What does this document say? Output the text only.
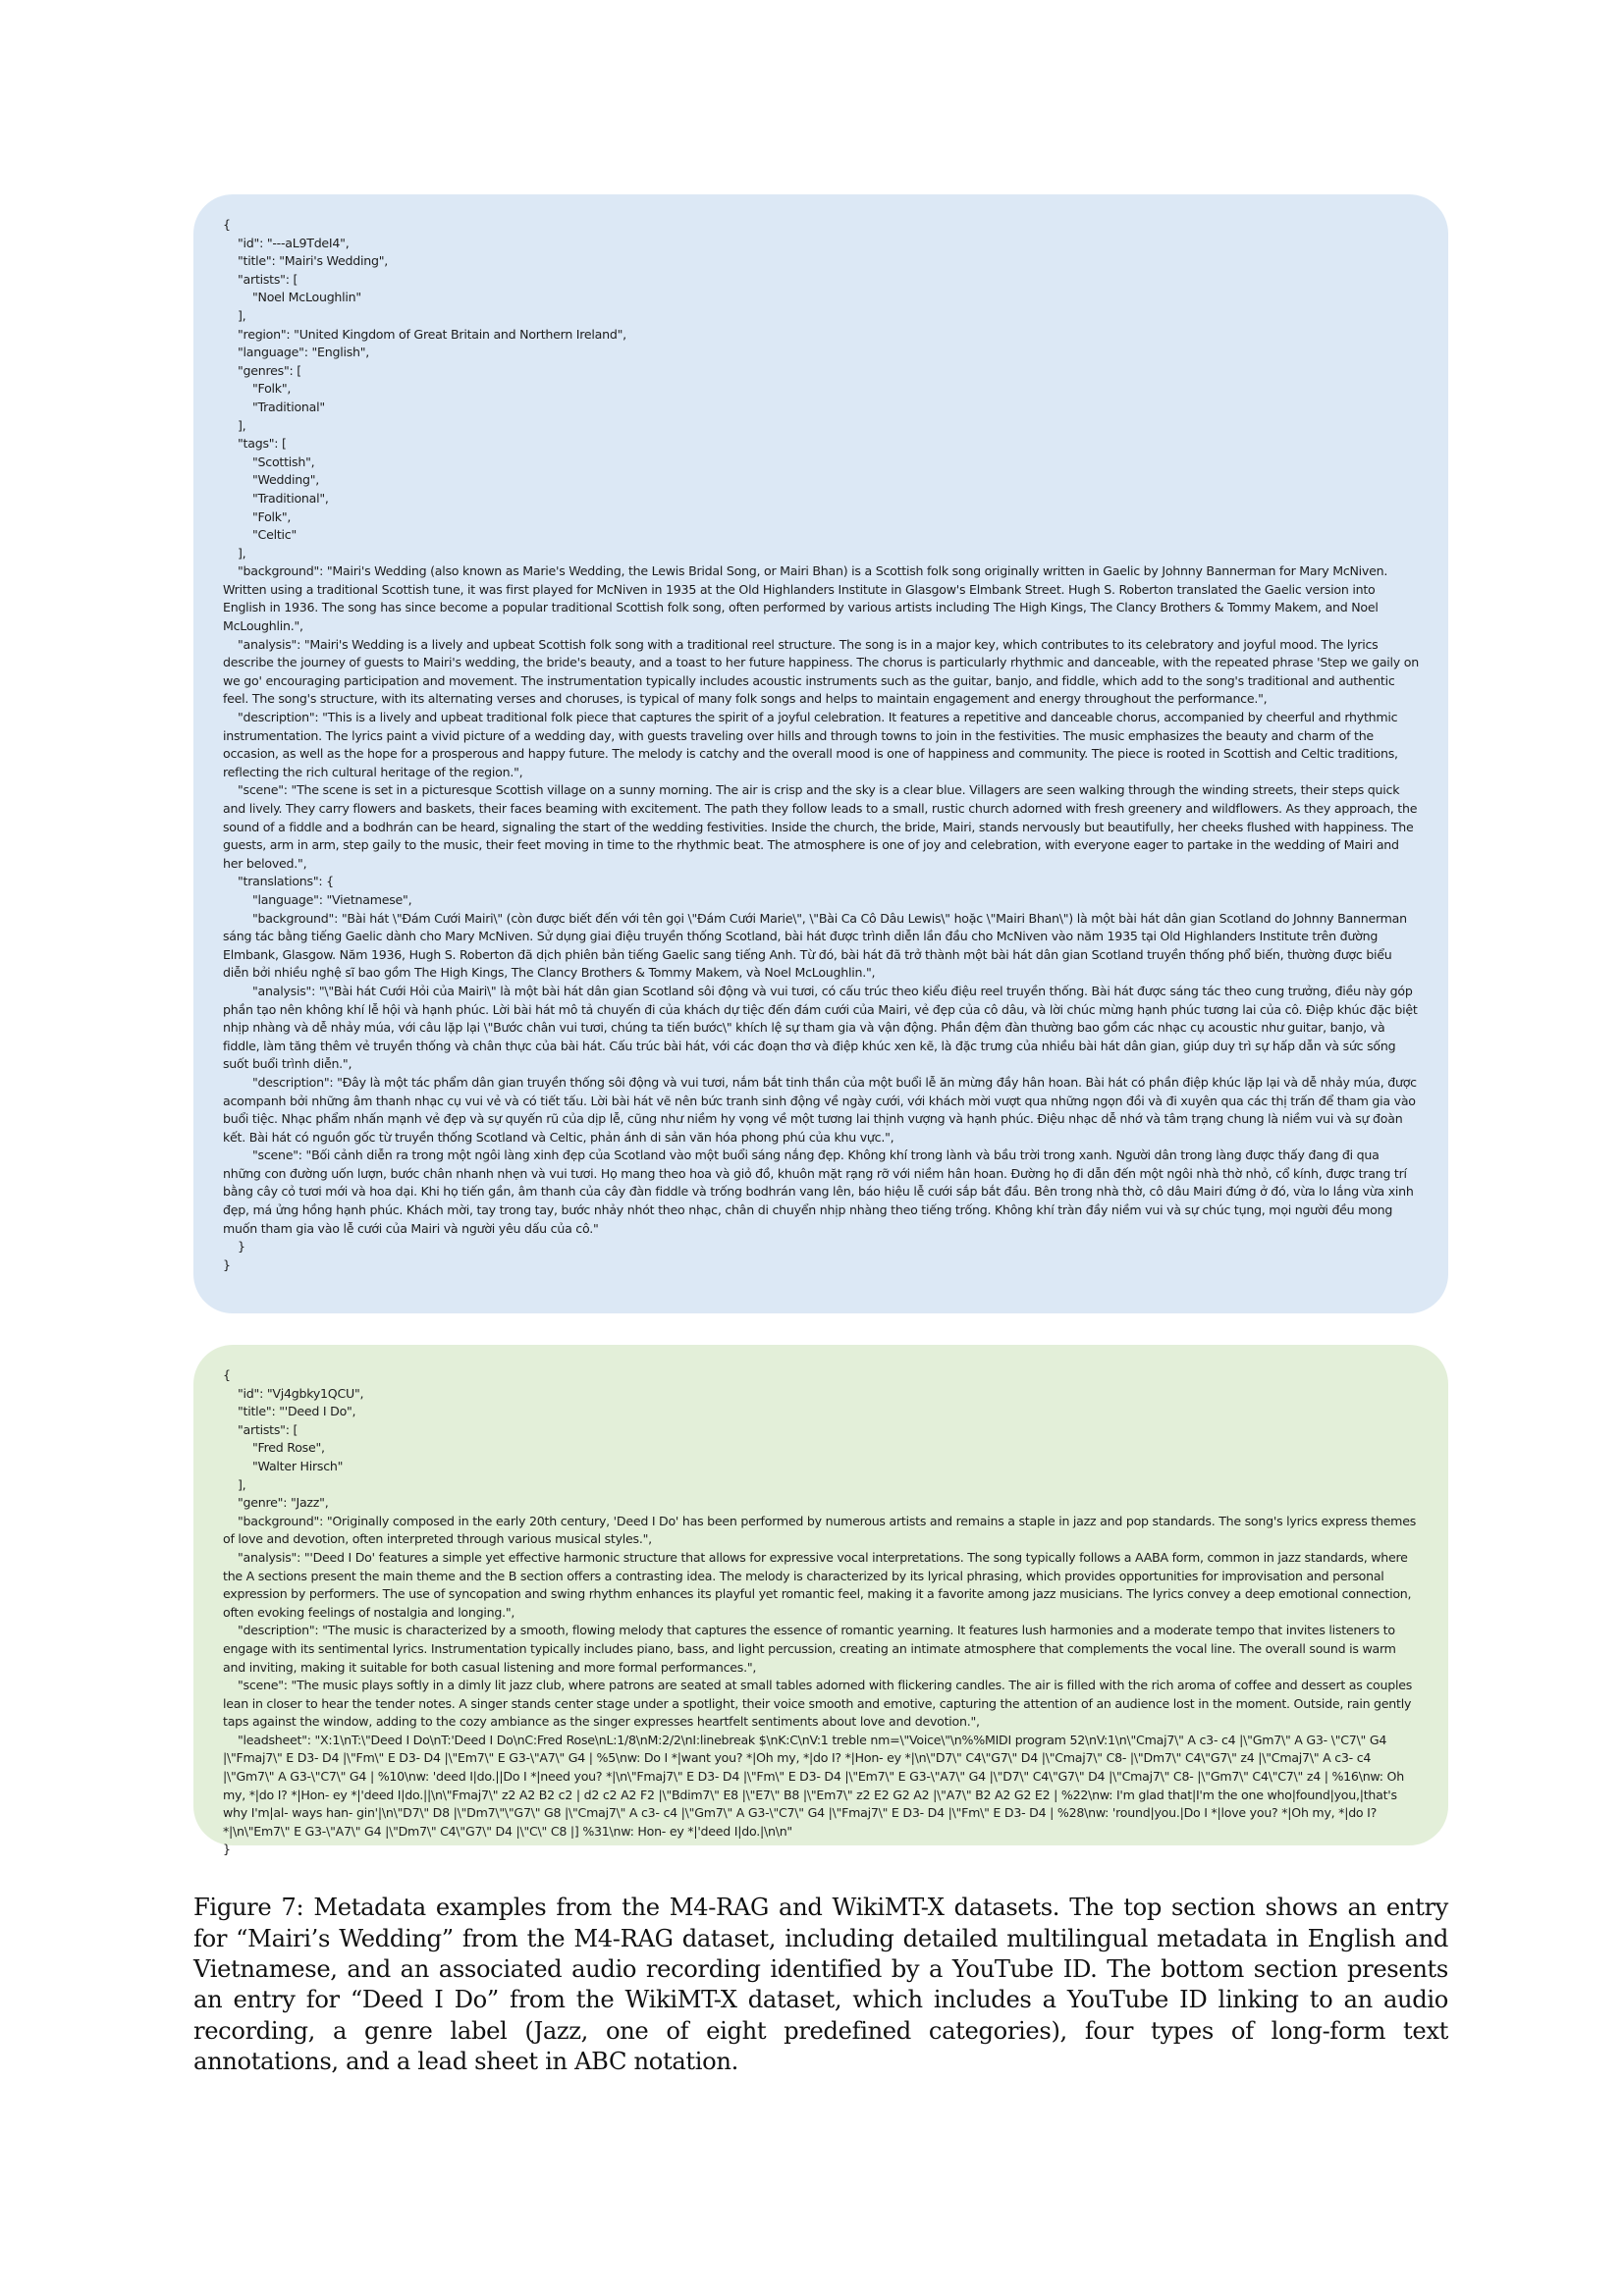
{
"id": "---aL9TdeI4",
"title": "Mairi's Wedding",
"artists": [
"Noel McLoughlin"
],
"region": "United Kingdom of Great Britain and Northern Ireland",
"language": "English",
"genres": [
"Folk",
"Traditional"
],
"tags": [
"Scottish",
"Wedding",
"Traditional",
"Folk",
"Celtic"
],
"background": "Mairi's Wedding (also known as Marie's Wedding, the Lewis Bridal Song, or Mairi Bhan) is a Scottish folk song originally written in Gaelic by Johnny Bannerman for Mary McNiven. Written using a traditional Scottish tune, it was first played for McNiven in 1935 at the Old Highlanders Institute in Glasgow's Elmbank Street. Hugh S. Roberton translated the Gaelic version into English in 1936. The song has since become a popular traditional Scottish folk song, often performed by various artists including The High Kings, The Clancy Brothers & Tommy Makem, and Noel McLoughlin.",
"analysis": "Mairi's Wedding is a lively and upbeat Scottish folk song with a traditional reel structure. The song is in a major key, which contributes to its celebratory and joyful mood. The lyrics describe the journey of guests to Mairi's wedding, the bride's beauty, and a toast to her future happiness. The chorus is particularly rhythmic and danceable, with the repeated phrase 'Step we gaily on we go' encouraging participation and movement. The instrumentation typically includes acoustic instruments such as the guitar, banjo, and fiddle, which add to the song's traditional and authentic feel. The song's structure, with its alternating verses and choruses, is typical of many folk songs and helps to maintain engagement and energy throughout the performance.",
"description": "This is a lively and upbeat traditional folk piece that captures the spirit of a joyful celebration. It features a repetitive and danceable chorus, accompanied by cheerful and rhythmic instrumentation. The lyrics paint a vivid picture of a wedding day, with guests traveling over hills and through towns to join in the festivities. The music emphasizes the beauty and charm of the occasion, as well as the hope for a prosperous and happy future. The melody is catchy and the overall mood is one of happiness and community. The piece is rooted in Scottish and Celtic traditions, reflecting the rich cultural heritage of the region.",
"scene": "The scene is set in a picturesque Scottish village on a sunny morning. The air is crisp and the sky is a clear blue. Villagers are seen walking through the winding streets, their steps quick and lively. They carry flowers and baskets, their faces beaming with excitement. The path they follow leads to a small, rustic church adorned with fresh greenery and wildflowers. As they approach, the sound of a fiddle and a bodhrán can be heard, signaling the start of the wedding festivities. Inside the church, the bride, Mairi, stands nervously but beautifully, her cheeks flushed with happiness. The guests, arm in arm, step gaily to the music, their feet moving in time to the rhythmic beat. The atmosphere is one of joy and celebration, with everyone eager to partake in the wedding of Mairi and her beloved.",
"translations": {
"language": "Vietnamese",
"background": "Bài hát \"Đám Cưới Mairi\" (còn được biết đến với tên gọi \"Đám Cưới Marie\", \"Bài Ca Cô Dâu Lewis\" hoặc \"Mairi Bhan\") là một bài hát dân gian Scotland do Johnny Bannerman sáng tác bằng tiếng Gaelic dành cho Mary McNiven. Sử dụng giai điệu truyền thống Scotland, bài hát được trình diễn lần đầu cho McNiven vào năm 1935 tại Old Highlanders Institute trên đường Elmbank, Glasgow. Năm 1936, Hugh S. Roberton đã dịch phiên bản tiếng Gaelic sang tiếng Anh. Từ đó, bài hát đã trở thành một bài hát dân gian Scotland truyền thống phổ biến, thường được biểu diễn bởi nhiều nghệ sĩ bao gồm The High Kings, The Clancy Brothers & Tommy Makem, và Noel McLoughlin.",
"analysis": "\"Bài hát Cưới Hỏi của Mairi\" là một bài hát dân gian Scotland sôi động và vui tươi, có cấu trúc theo kiểu điệu reel truyền thống. Bài hát được sáng tác theo cung trưởng, điều này góp phần tạo nên không khí lễ hội và hạnh phúc. Lời bài hát mô tả chuyến đi của khách dự tiệc đến đám cưới của Mairi, vẻ đẹp của cô dâu, và lời chúc mừng hạnh phúc tương lai của cô. Điệp khúc đặc biệt nhịp nhàng và dễ nhảy múa, với câu lặp lại \"Bước chân vui tươi, chúng ta tiến bước\" khích lệ sự tham gia và vận động. Phần đệm đàn thường bao gồm các nhạc cụ acoustic như guitar, banjo, và fiddle, làm tăng thêm vẻ truyền thống và chân thực của bài hát. Cấu trúc bài hát, với các đoạn thơ và điệp khúc xen kẽ, là đặc trưng của nhiều bài hát dân gian, giúp duy trì sự hấp dẫn và sức sống suốt buổi trình diễn.",
"description": "Đây là một tác phẩm dân gian truyền thống sôi động và vui tươi, nắm bắt tinh thần của một buổi lễ ăn mừng đầy hân hoan. Bài hát có phần điệp khúc lặp lại và dễ nhảy múa, được acompanh bởi những âm thanh nhạc cụ vui vẻ và có tiết tấu. Lời bài hát vẽ nên bức tranh sinh động về ngày cưới, với khách mời vượt qua những ngọn đồi và đi xuyên qua các thị trấn để tham gia vào buổi tiệc. Nhạc phẩm nhấn mạnh vẻ đẹp và sự quyến rũ của dịp lễ, cũng như niềm hy vọng về một tương lai thịnh vượng và hạnh phúc. Điệu nhạc dễ nhớ và tâm trạng chung là niềm vui và sự đoàn kết. Bài hát có nguồn gốc từ truyền thống Scotland và Celtic, phản ánh di sản văn hóa phong phú của khu vực.",
"scene": "Bối cảnh diễn ra trong một ngôi làng xinh đẹp của Scotland vào một buổi sáng nắng đẹp. Không khí trong lành và bầu trời trong xanh. Người dân trong làng được thấy đang đi qua những con đường uốn lượn, bước chân nhanh nhẹn và vui tươi. Họ mang theo hoa và giỏ đồ, khuôn mặt rạng rỡ với niềm hân hoan. Đường họ đi dẫn đến một ngôi nhà thờ nhỏ, cổ kính, được trang trí bằng cây cỏ tươi mới và hoa dại. Khi họ tiến gần, âm thanh của cây đàn fiddle và trống bodhrán vang lên, báo hiệu lễ cưới sắp bắt đầu. Bên trong nhà thờ, cô dâu Mairi đứng ở đó, vừa lo lắng vừa xinh đẹp, má ửng hồng hạnh phúc. Khách mời, tay trong tay, bước nhảy nhót theo nhạc, chân di chuyển nhịp nhàng theo tiếng trống. Không khí tràn đầy niềm vui và sự chúc tụng, mọi người đều mong muốn tham gia vào lễ cưới của Mairi và người yêu dấu của cô."
}
}
{
"id": "Vj4gbky1QCU",
"title": "'Deed I Do",
"artists": [
"Fred Rose",
"Walter Hirsch"
],
"genre": "Jazz",
"background": "Originally composed in the early 20th century, 'Deed I Do' has been performed by numerous artists and remains a staple in jazz and pop standards. The song's lyrics express themes of love and devotion, often interpreted through various musical styles.",
"analysis": "'Deed I Do' features a simple yet effective harmonic structure that allows for expressive vocal interpretations. The song typically follows a AABA form, common in jazz standards, where the A sections present the main theme and the B section offers a contrasting idea. The melody is characterized by its lyrical phrasing, which provides opportunities for improvisation and personal expression by performers. The use of syncopation and swing rhythm enhances its playful yet romantic feel, making it a favorite among jazz musicians. The lyrics convey a deep emotional connection, often evoking feelings of nostalgia and longing.",
"description": "The music is characterized by a smooth, flowing melody that captures the essence of romantic yearning. It features lush harmonies and a moderate tempo that invites listeners to engage with its sentimental lyrics. Instrumentation typically includes piano, bass, and light percussion, creating an intimate atmosphere that complements the vocal line. The overall sound is warm and inviting, making it suitable for both casual listening and more formal performances.",
"scene": "The music plays softly in a dimly lit jazz club, where patrons are seated at small tables adorned with flickering candles. The air is filled with the rich aroma of coffee and dessert as couples lean in closer to hear the tender notes. A singer stands center stage under a spotlight, their voice smooth and emotive, capturing the attention of an audience lost in the moment. Outside, rain gently taps against the window, adding to the cozy ambiance as the singer expresses heartfelt sentiments about love and devotion.",
"leadsheet": "X:1\nT:\"Deed I Do\nT:'Deed I Do\nC:Fred Rose\nL:1/8\nM:2/2\nI:linebreak $\nK:C\nV:1 treble nm=\"Voice\"\n%%MIDI program 52\nV:1\n\"Cmaj7\" A c3- c4 |\"Gm7\" A G3- \"C7\" G4 |\"Fmaj7\" E D3- D4 |\"Fm\" E D3- D4 |\"Em7\" E G3-\"A7\" G4 | %5\nw: Do I *|want you? *|Oh my, *|do I? *|Hon- ey *|\n\"D7\" C4\"G7\" D4 |\"Cmaj7\" C8- |\"Dm7\" C4\"G7\" z4 |\"Cmaj7\" A c3- c4 |\"Gm7\" A G3-\"C7\" G4 | %10\nw: 'deed I|do.||Do I *|need you? *|\n\"Fmaj7\" E D3- D4 |\"Fm\" E D3- D4 |\"Em7\" E G3-\"A7\" G4 |\"D7\" C4\"G7\" D4 |\"Cmaj7\" C8- |\"Gm7\" C4\"C7\" z4 | %16\nw: Oh my, *|do I? *|Hon- ey *|'deed I|do.||\n\"Fmaj7\" z2 A2 B2 c2 | d2 c2 A2 F2 |\"Bdim7\" E8 |\"E7\" B8 |\"Em7\" z2 E2 G2 A2 |\"A7\" B2 A2 G2 E2 | %22\nw: I'm glad that|I'm the one who|found|you,|that's why I'm|al- ways han- gin'|\n\"D7\" D8 |\"Dm7\"\"G7\" G8 |\"Cmaj7\" A c3- c4 |\"Gm7\" A G3-\"C7\" G4 |\"Fmaj7\" E D3- D4 |\"Fm\" E D3- D4 | %28\nw: 'round|you.|Do I *|love you? *|Oh my, *|do I? *|\n\"Em7\" E G3-\"A7\" G4 |\"Dm7\" C4\"G7\" D4 |\"C\" C8 |] %31\nw: Hon- ey *|'deed I|do.|\n\n"
}

Figure 7: Metadata examples from the M4-RAG and WikiMT-X datasets. The top section shows an entry for “Mairi’s Wedding” from the M4-RAG dataset, including detailed multilingual metadata in English and Vietnamese, and an associated audio recording identified by a YouTube ID. The bottom section presents an entry for “Deed I Do” from the WikiMT-X dataset, which includes a YouTube ID linking to an audio recording, a genre label (Jazz, one of eight predefined categories), four types of long-form text annotations, and a lead sheet in ABC notation.
